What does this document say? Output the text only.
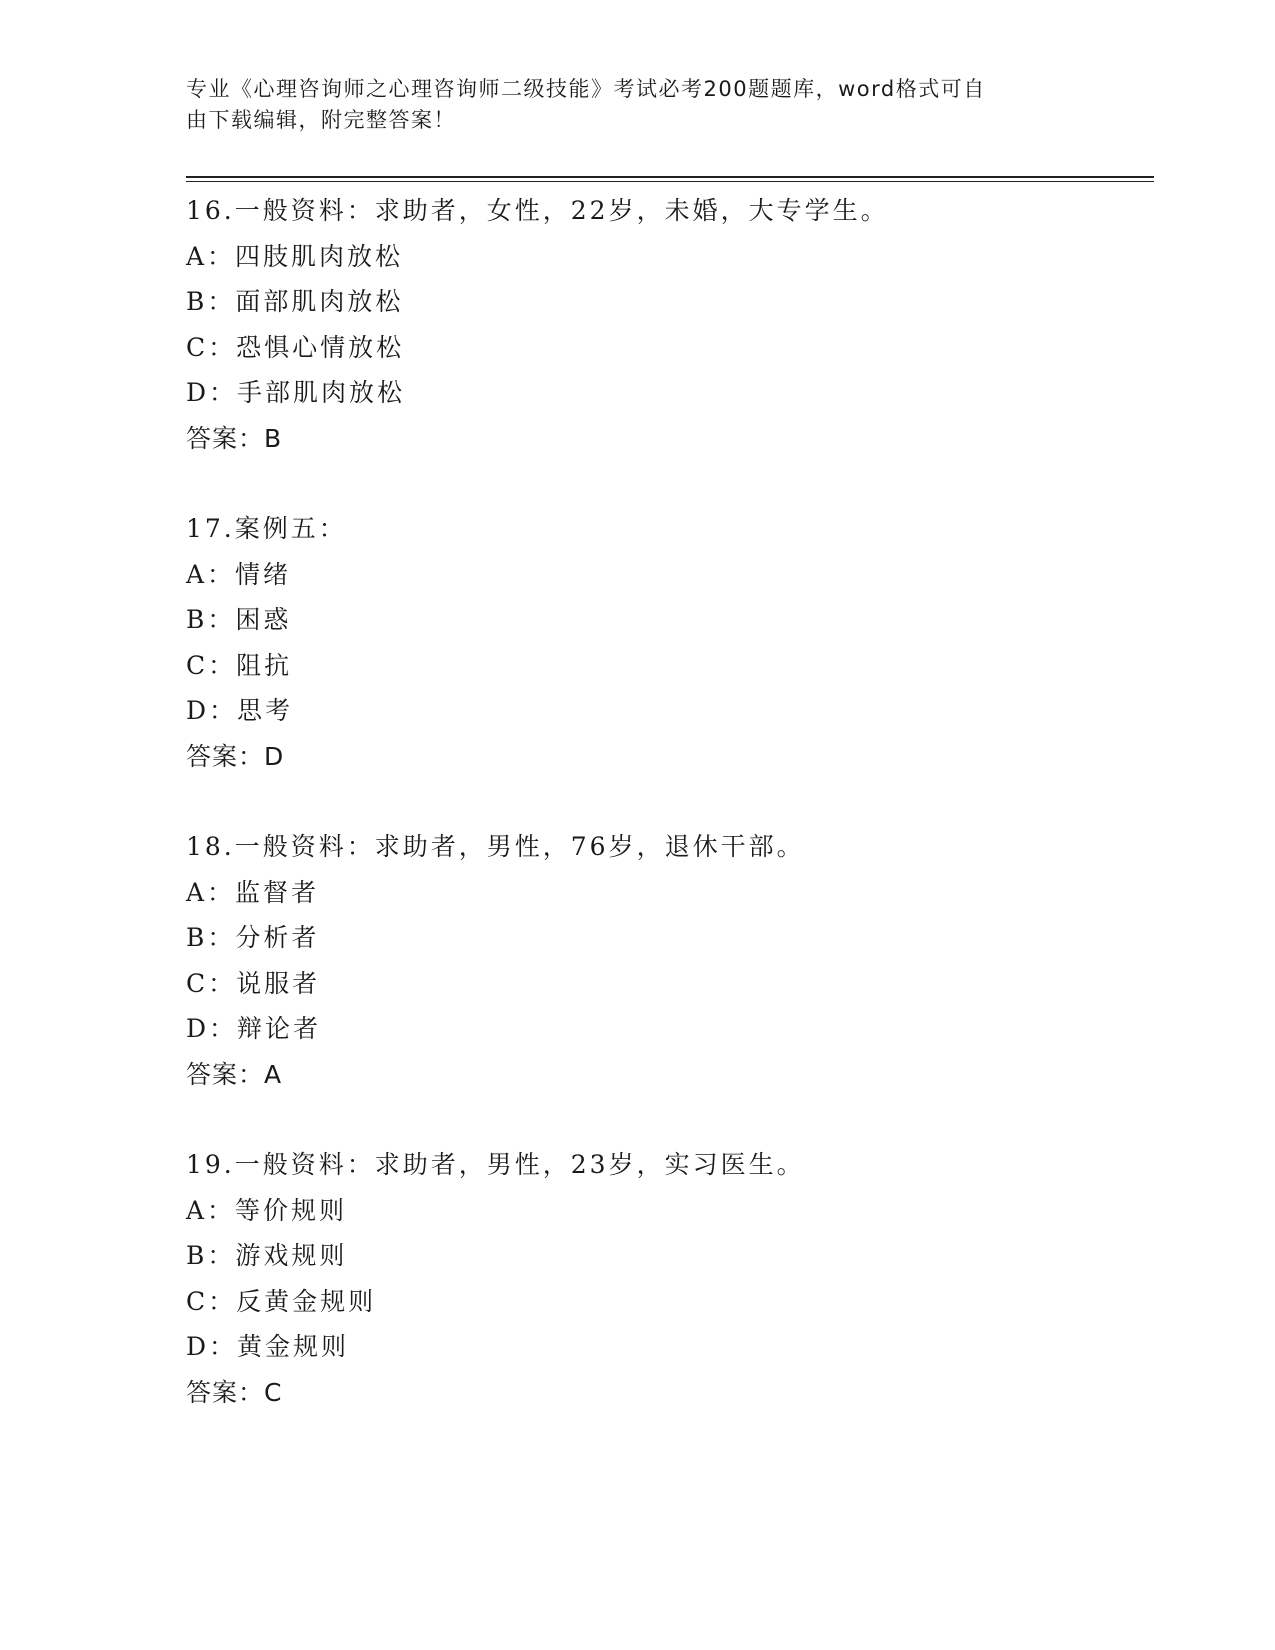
专业《心理咨询师之心理咨询师二级技能》考试必考200题题库，word格式可自
由下载编辑，附完整答案！
16.一般资料：求助者，女性，22岁，未婚，大专学生。
A：四肢肌肉放松
B：面部肌肉放松
C：恐惧心情放松
D：手部肌肉放松
答案：B
17.案例五：
A：情绪
B：困惑
C：阻抗
D：思考
答案：D
18.一般资料：求助者，男性，76岁，退休干部。
A：监督者
B：分析者
C：说服者
D：辩论者
答案：A
19.一般资料：求助者，男性，23岁，实习医生。
A：等价规则
B：游戏规则
C：反黄金规则
D：黄金规则
答案：C
